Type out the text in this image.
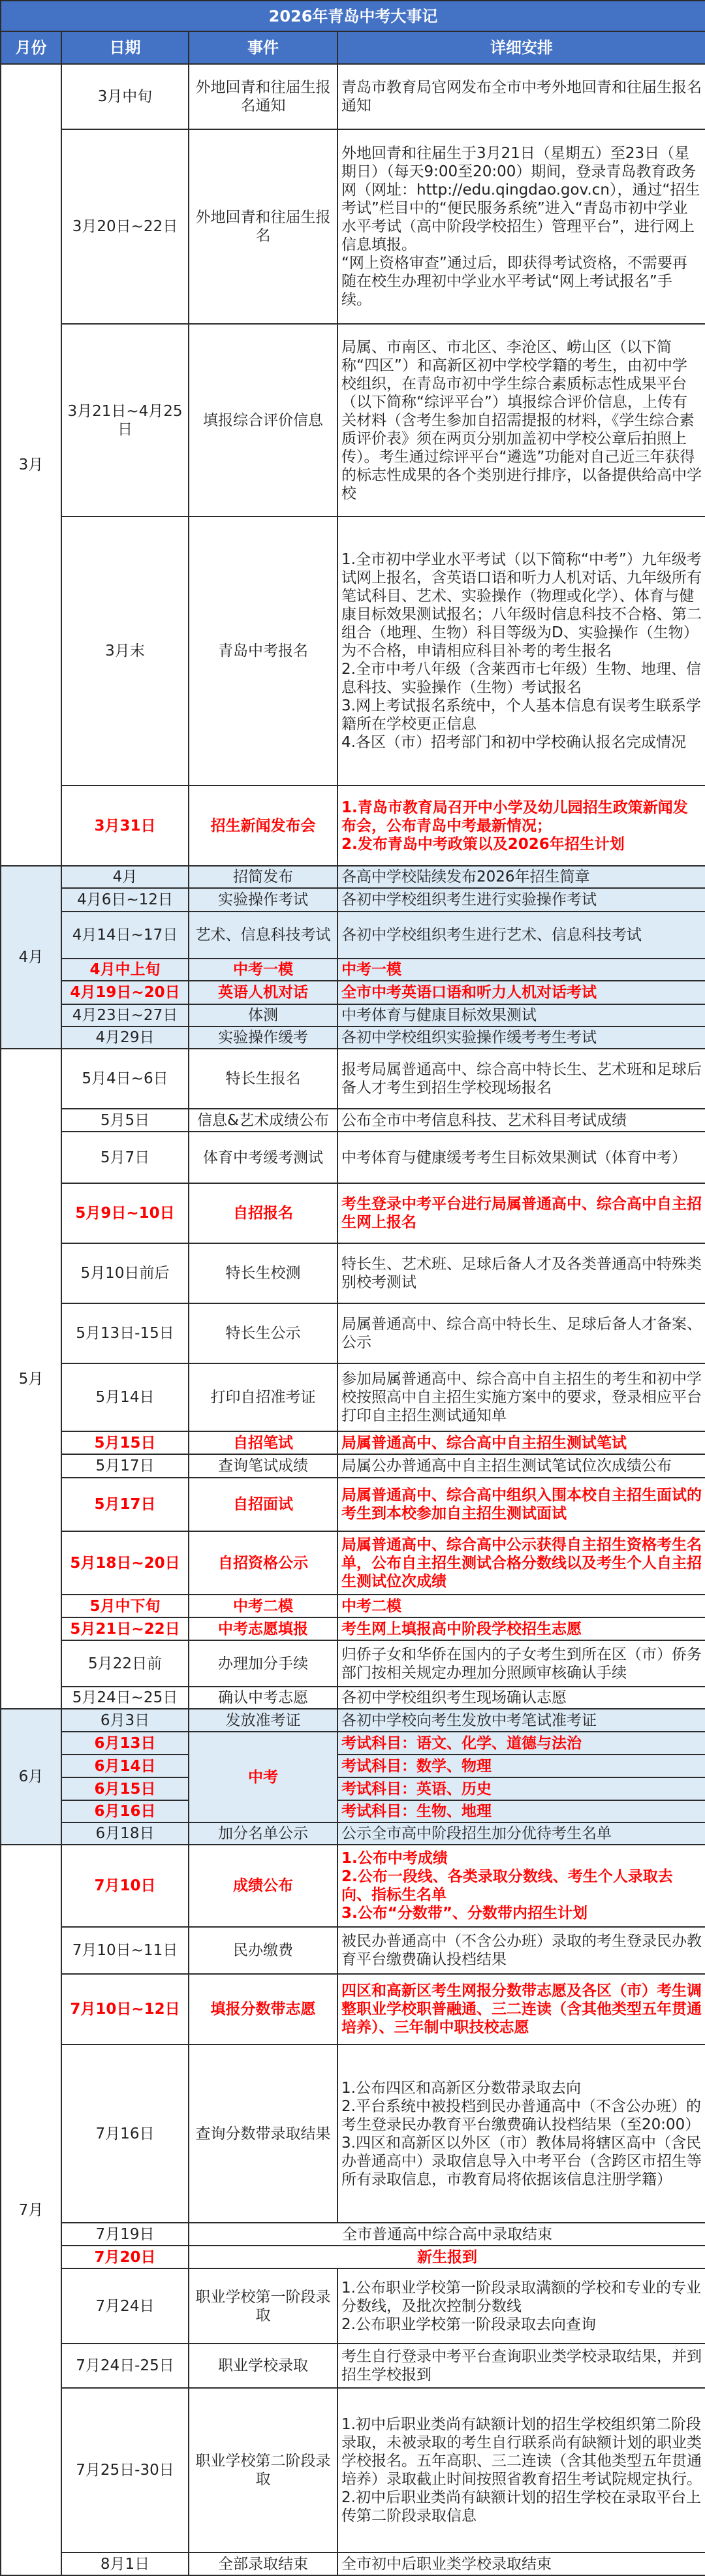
2026年青岛中考大事记			
月份	日期	事件	详细安排
3月	3月中旬	外地回青和往届生报名通知	青岛市教育局官网发布全市中考外地回青和往届生报名通知

	3月20日~22日	外地回青和往届生报名	外地回青和往届生于3月21日（星期五）至23日（星期日）（每天9:00至20:00）期间，登录青岛教育政务网（网址：http://edu.qingdao.gov.cn），通过“招生考试”栏目中的“便民服务系统”进入“青岛市初中学业水平考试（高中阶段学校招生）管理平台”，进行网上信息填报。
“网上资格审查”通过后，即获得考试资格，不需要再随在校生办理初中学业水平考试“网上考试报名”手续。

	3月21日~4月25日	填报综合评价信息	局属、市南区、市北区、李沧区、崂山区（以下简称“四区”）和高新区初中学校学籍的考生，由初中学校组织，在青岛市初中学生综合素质标志性成果平台（以下简称“综评平台”）填报综合评价信息，上传有关材料（含考生参加自招需提报的材料，《学生综合素质评价表》须在两页分别加盖初中学校公章后拍照上传）。考生通过综评平台“遴选”功能对自己近三年获得的标志性成果的各个类别进行排序，以备提供给高中学校

	3月末	青岛中考报名	1.全市初中学业水平考试（以下简称“中考”）九年级考试网上报名，含英语口语和听力人机对话、九年级所有笔试科目、艺术、实验操作（物理或化学）、体育与健康目标效果测试报名；八年级时信息科技不合格、第二组合（地理、生物）科目等级为D、实验操作（生物）为不合格，申请相应科目补考的考生报名
2.全市中考八年级（含莱西市七年级）生物、地理、信息科技、实验操作（生物）考试报名
3.网上考试报名系统中，个人基本信息有误考生联系学籍所在学校更正信息
4.各区（市）招考部门和初中学校确认报名完成情况

	3月31日	招生新闻发布会	1.青岛市教育局召开中小学及幼儿园招生政策新闻发布会，公布青岛中考最新情况；
2.发布青岛中考政策以及2026年招生计划

4月	4月	招简发布	各高中学校陆续发布2026年招生简章

	4月6日~12日	实验操作考试	各初中学校组织考生进行实验操作考试

	4月14日~17日	艺术、信息科技考试	各初中学校组织考生进行艺术、信息科技考试

	4月中上旬	中考一模	中考一模

	4月19日~20日	英语人机对话	全市中考英语口语和听力人机对话考试

	4月23日~27日	体测	中考体育与健康目标效果测试

	4月29日	实验操作缓考	各初中学校组织实验操作缓考考生考试

5月	5月4日~6日	特长生报名	报考局属普通高中、综合高中特长生、艺术班和足球后备人才考生到招生学校现场报名

	5月5日	信息&艺术成绩公布	公布全市中考信息科技、艺术科目考试成绩

	5月7日	体育中考缓考测试	中考体育与健康缓考考生目标效果测试（体育中考）

	5月9日~10日	自招报名	考生登录中考平台进行局属普通高中、综合高中自主招生网上报名

	5月10日前后	特长生校测	特长生、艺术班、足球后备人才及各类普通高中特殊类别校考测试

	5月13日-15日	特长生公示	局属普通高中、综合高中特长生、足球后备人才备案、公示

	5月14日	打印自招准考证	参加局属普通高中、综合高中自主招生的考生和初中学校按照高中自主招生实施方案中的要求，登录相应平台打印自主招生测试通知单

	5月15日	自招笔试	局属普通高中、综合高中自主招生测试笔试

	5月17日	查询笔试成绩	局属公办普通高中自主招生测试笔试位次成绩公布

	5月17日	自招面试	局属普通高中、综合高中组织入围本校自主招生面试的考生到本校参加自主招生测试面试

	5月18日~20日	自招资格公示	局属普通高中、综合高中公示获得自主招生资格考生名单，公布自主招生测试合格分数线以及考生个人自主招生测试位次成绩

	5月中下旬	中考二模	中考二模

	5月21日~22日	中考志愿填报	考生网上填报高中阶段学校招生志愿

	5月22日前	办理加分手续	归侨子女和华侨在国内的子女考生到所在区（市）侨务部门按相关规定办理加分照顾审核确认手续

	5月24日~25日	确认中考志愿	各初中学校组织考生现场确认志愿

6月	6月3日	发放准考证	各初中学校向考生发放中考笔试准考证

	6月13日	中考	考试科目：语文、化学、道德与法治

	6月14日		考试科目：数学、物理

	6月15日		考试科目：英语、历史

	6月16日		考试科目：生物、地理

	6月18日	加分名单公示	公示全市高中阶段招生加分优待考生名单

7月	7月10日	成绩公布	1.公布中考成绩
2.公布一段线、各类录取分数线、考生个人录取去向、指标生名单
3.公布“分数带”、分数带内招生计划

	7月10日~11日	民办缴费	被民办普通高中（不含公办班）录取的考生登录民办教育平台缴费确认投档结果

	7月10日~12日	填报分数带志愿	四区和高新区考生网报分数带志愿及各区（市）考生调整职业学校职普融通、三二连读（含其他类型五年贯通培养）、三年制中职技校志愿

	7月16日	查询分数带录取结果	1.公布四区和高新区分数带录取去向
2.平台系统中被投档到民办普通高中（不含公办班）的考生登录民办教育平台缴费确认投档结果（至20:00）
3.四区和高新区以外区（市）教体局将辖区高中（含民办普通高中）录取信息导入中考平台（含跨区市招生等所有录取信息，市教育局将依据该信息注册学籍）

	7月19日	全市普通高中综合高中录取结束	

	7月20日	新生报到	

	7月24日	职业学校第一阶段录取	1.公布职业学校第一阶段录取满额的学校和专业的专业分数线，及批次控制分数线
2.公布职业学校第一阶段录取去向查询

	7月24日-25日	职业学校录取	考生自行登录中考平台查询职业类学校录取结果，并到招生学校报到

	7月25日-30日	职业学校第二阶段录取	1.初中后职业类尚有缺额计划的招生学校组织第二阶段录取，未被录取的考生自行联系尚有缺额计划的职业类学校报名。五年高职、三二连读（含其他类型五年贯通培养）录取截止时间按照省教育招生考试院规定执行。
2.初中后职业类尚有缺额计划的招生学校在录取平台上传第二阶段录取信息

	8月1日	全部录取结束	全市初中后职业类学校录取结束
